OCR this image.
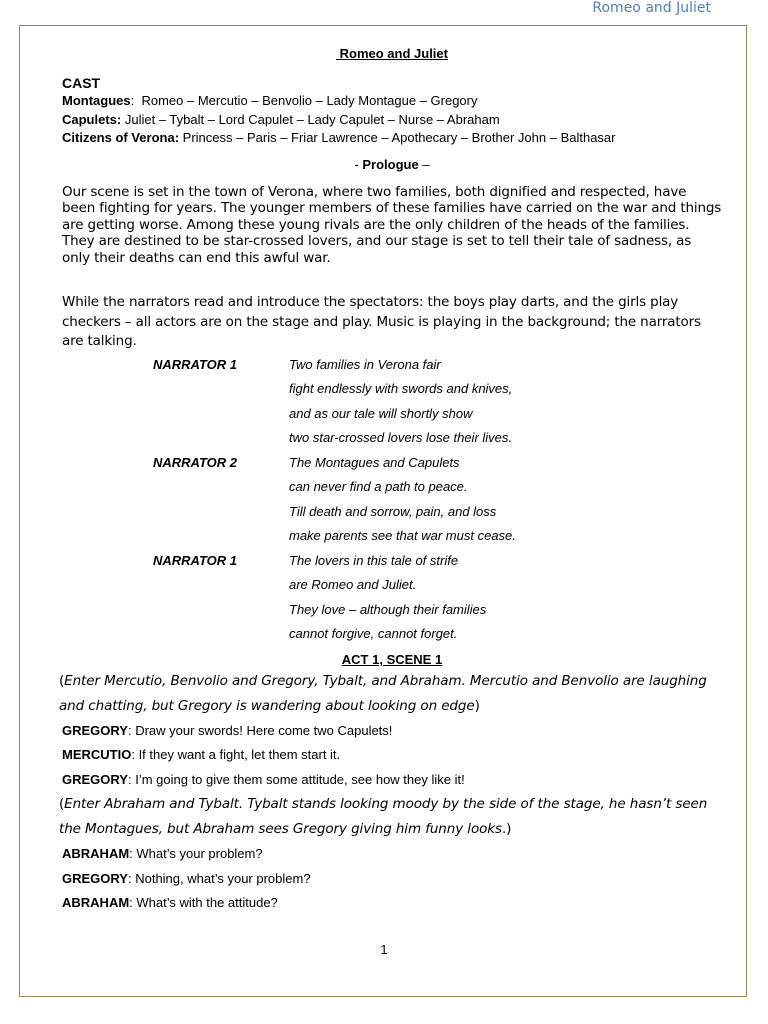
Romeo and Juliet
Romeo and Juliet
CAST
Montagues:  Romeo – Mercutio – Benvolio – Lady Montague – Gregory
Capulets: Juliet – Tybalt – Lord Capulet – Lady Capulet – Nurse – Abraham
Citizens of Verona: Princess – Paris – Friar Lawrence – Apothecary – Brother John – Balthasar
- Prologue –

Our scene is set in the town of Verona, where two families, both dignified and respected, have been fighting for years. The younger members of these families have carried on the war and things are getting worse. Among these young rivals are the only children of the heads of the families. They are destined to be star-crossed lovers, and our stage is set to tell their tale of sadness, as only their deaths can end this awful war.

While the narrators read and introduce the spectators: the boys play darts, and the girls play checkers – all actors are on the stage and play. Music is playing in the background; the narrators are talking.

NARRATOR 1	Two families in Verona fair
fight endlessly with swords and knives,
and as our tale will shortly show
two star-crossed lovers lose their lives.
NARRATOR 2	The Montagues and Capulets
can never find a path to peace.
Till death and sorrow, pain, and loss
make parents see that war must cease.
NARRATOR 1	The lovers in this tale of strife
are Romeo and Juliet.
They love – although their families
cannot forgive, cannot forget.
ACT 1, SCENE 1
(Enter Mercutio, Benvolio and Gregory, Tybalt, and Abraham. Mercutio and Benvolio are laughing and chatting, but Gregory is wandering about looking on edge)
GREGORY: Draw your swords! Here come two Capulets!
MERCUTIO: If they want a fight, let them start it.
GREGORY: I’m going to give them some attitude, see how they like it!
(Enter Abraham and Tybalt. Tybalt stands looking moody by the side of the stage, he hasn’t seen the Montagues, but Abraham sees Gregory giving him funny looks.)
ABRAHAM: What’s your problem?
GREGORY: Nothing, what’s your problem?
ABRAHAM: What’s with the attitude?
1
